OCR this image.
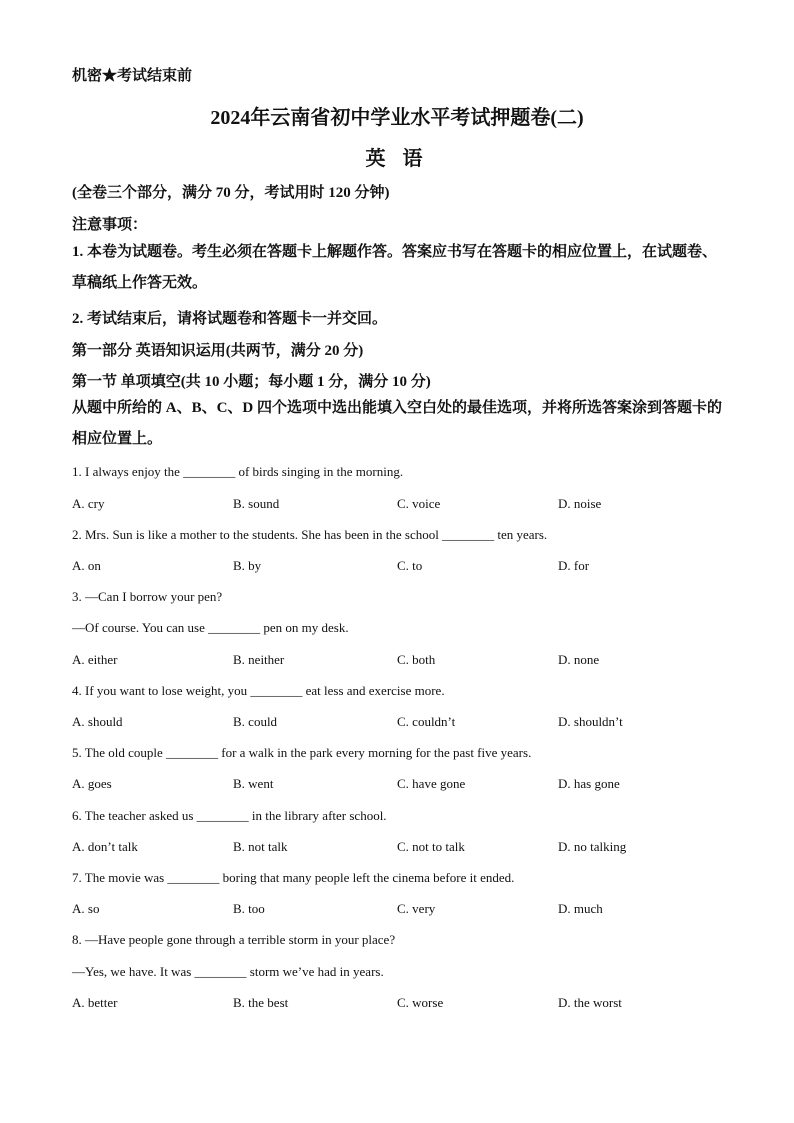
机密★考试结束前
2024年云南省初中学业水平考试押题卷(二)
英 语
(全卷三个部分，满分 70 分，考试用时 120 分钟)
注意事项：
1. 本卷为试题卷。考生必须在答题卡上解题作答。答案应书写在答题卡的相应位置上，在试题卷、草稿纸上作答无效。
2. 考试结束后，请将试题卷和答题卡一并交回。
第一部分 英语知识运用(共两节，满分 20 分)
第一节 单项填空(共 10 小题；每小题 1 分，满分 10 分)
从题中所给的 A、B、C、D 四个选项中选出能填入空白处的最佳选项，并将所选答案涂到答题卡的相应位置上。
1. I always enjoy the ________ of birds singing in the morning.
A. cry	B. sound	C. voice	D. noise
2. Mrs. Sun is like a mother to the students. She has been in the school ________ ten years.
A. on	B. by	C. to	D. for
3. —Can I borrow your pen?
—Of course. You can use ________ pen on my desk.
A. either	B. neither	C. both	D. none
4. If you want to lose weight, you ________ eat less and exercise more.
A. should	B. could	C. couldn’t	D. shouldn’t
5. The old couple ________ for a walk in the park every morning for the past five years.
A. goes	B. went	C. have gone	D. has gone
6. The teacher asked us ________ in the library after school.
A. don’t talk	B. not talk	C. not to talk	D. no talking
7. The movie was ________ boring that many people left the cinema before it ended.
A. so	B. too	C. very	D. much
8. —Have people gone through a terrible storm in your place?
—Yes, we have. It was ________ storm we’ve had in years.
A. better	B. the best	C. worse	D. the worst
